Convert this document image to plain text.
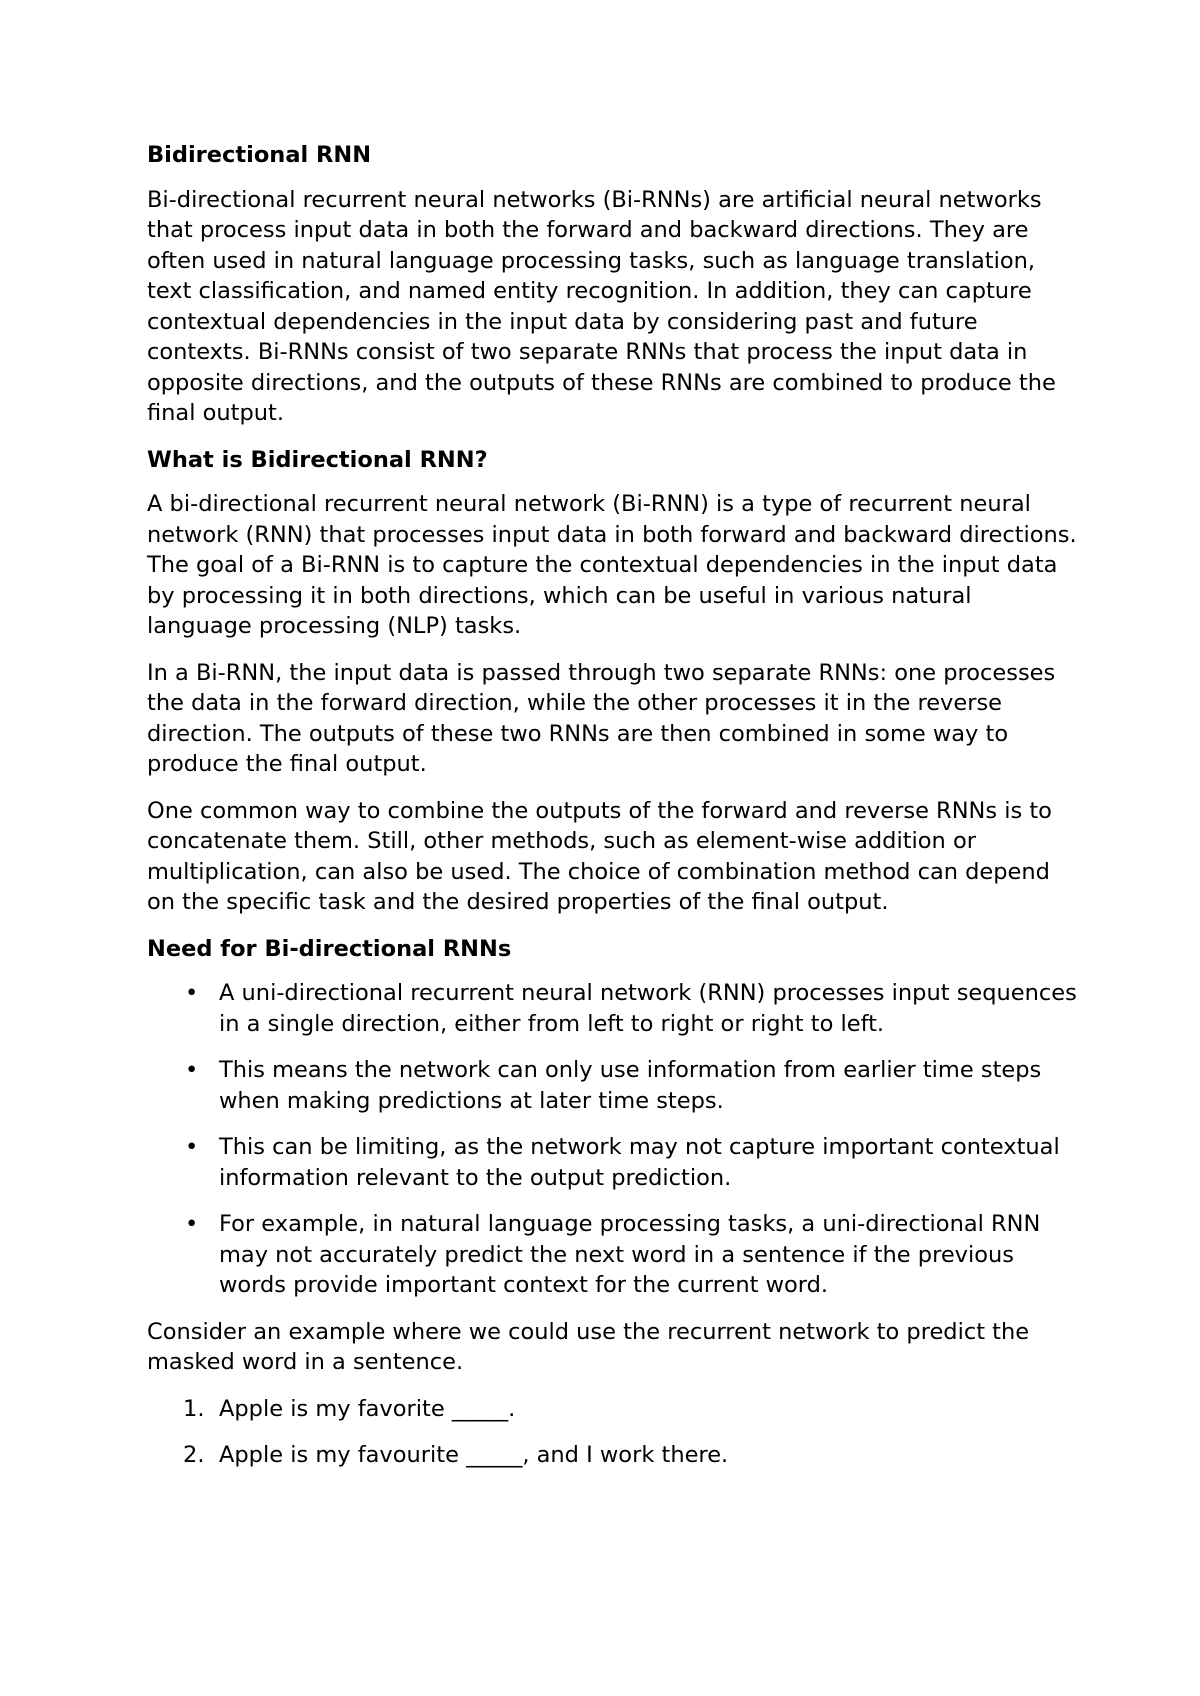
Bidirectional RNN

Bi-directional recurrent neural networks (Bi-RNNs) are artificial neural networks that process input data in both the forward and backward directions. They are often used in natural language processing tasks, such as language translation, text classification, and named entity recognition. In addition, they can capture contextual dependencies in the input data by considering past and future contexts. Bi-RNNs consist of two separate RNNs that process the input data in opposite directions, and the outputs of these RNNs are combined to produce the final output.

What is Bidirectional RNN?

A bi-directional recurrent neural network (Bi-RNN) is a type of recurrent neural network (RNN) that processes input data in both forward and backward directions. The goal of a Bi-RNN is to capture the contextual dependencies in the input data by processing it in both directions, which can be useful in various natural language processing (NLP) tasks.

In a Bi-RNN, the input data is passed through two separate RNNs: one processes the data in the forward direction, while the other processes it in the reverse direction. The outputs of these two RNNs are then combined in some way to produce the final output.

One common way to combine the outputs of the forward and reverse RNNs is to concatenate them. Still, other methods, such as element-wise addition or multiplication, can also be used. The choice of combination method can depend on the specific task and the desired properties of the final output.

Need for Bi-directional RNNs
• A uni-directional recurrent neural network (RNN) processes input sequences in a single direction, either from left to right or right to left.
• This means the network can only use information from earlier time steps when making predictions at later time steps.
• This can be limiting, as the network may not capture important contextual information relevant to the output prediction.
• For example, in natural language processing tasks, a uni-directional RNN may not accurately predict the next word in a sentence if the previous words provide important context for the current word.

Consider an example where we could use the recurrent network to predict the masked word in a sentence.

1. Apple is my favorite _____.
2. Apple is my favourite _____, and I work there.
